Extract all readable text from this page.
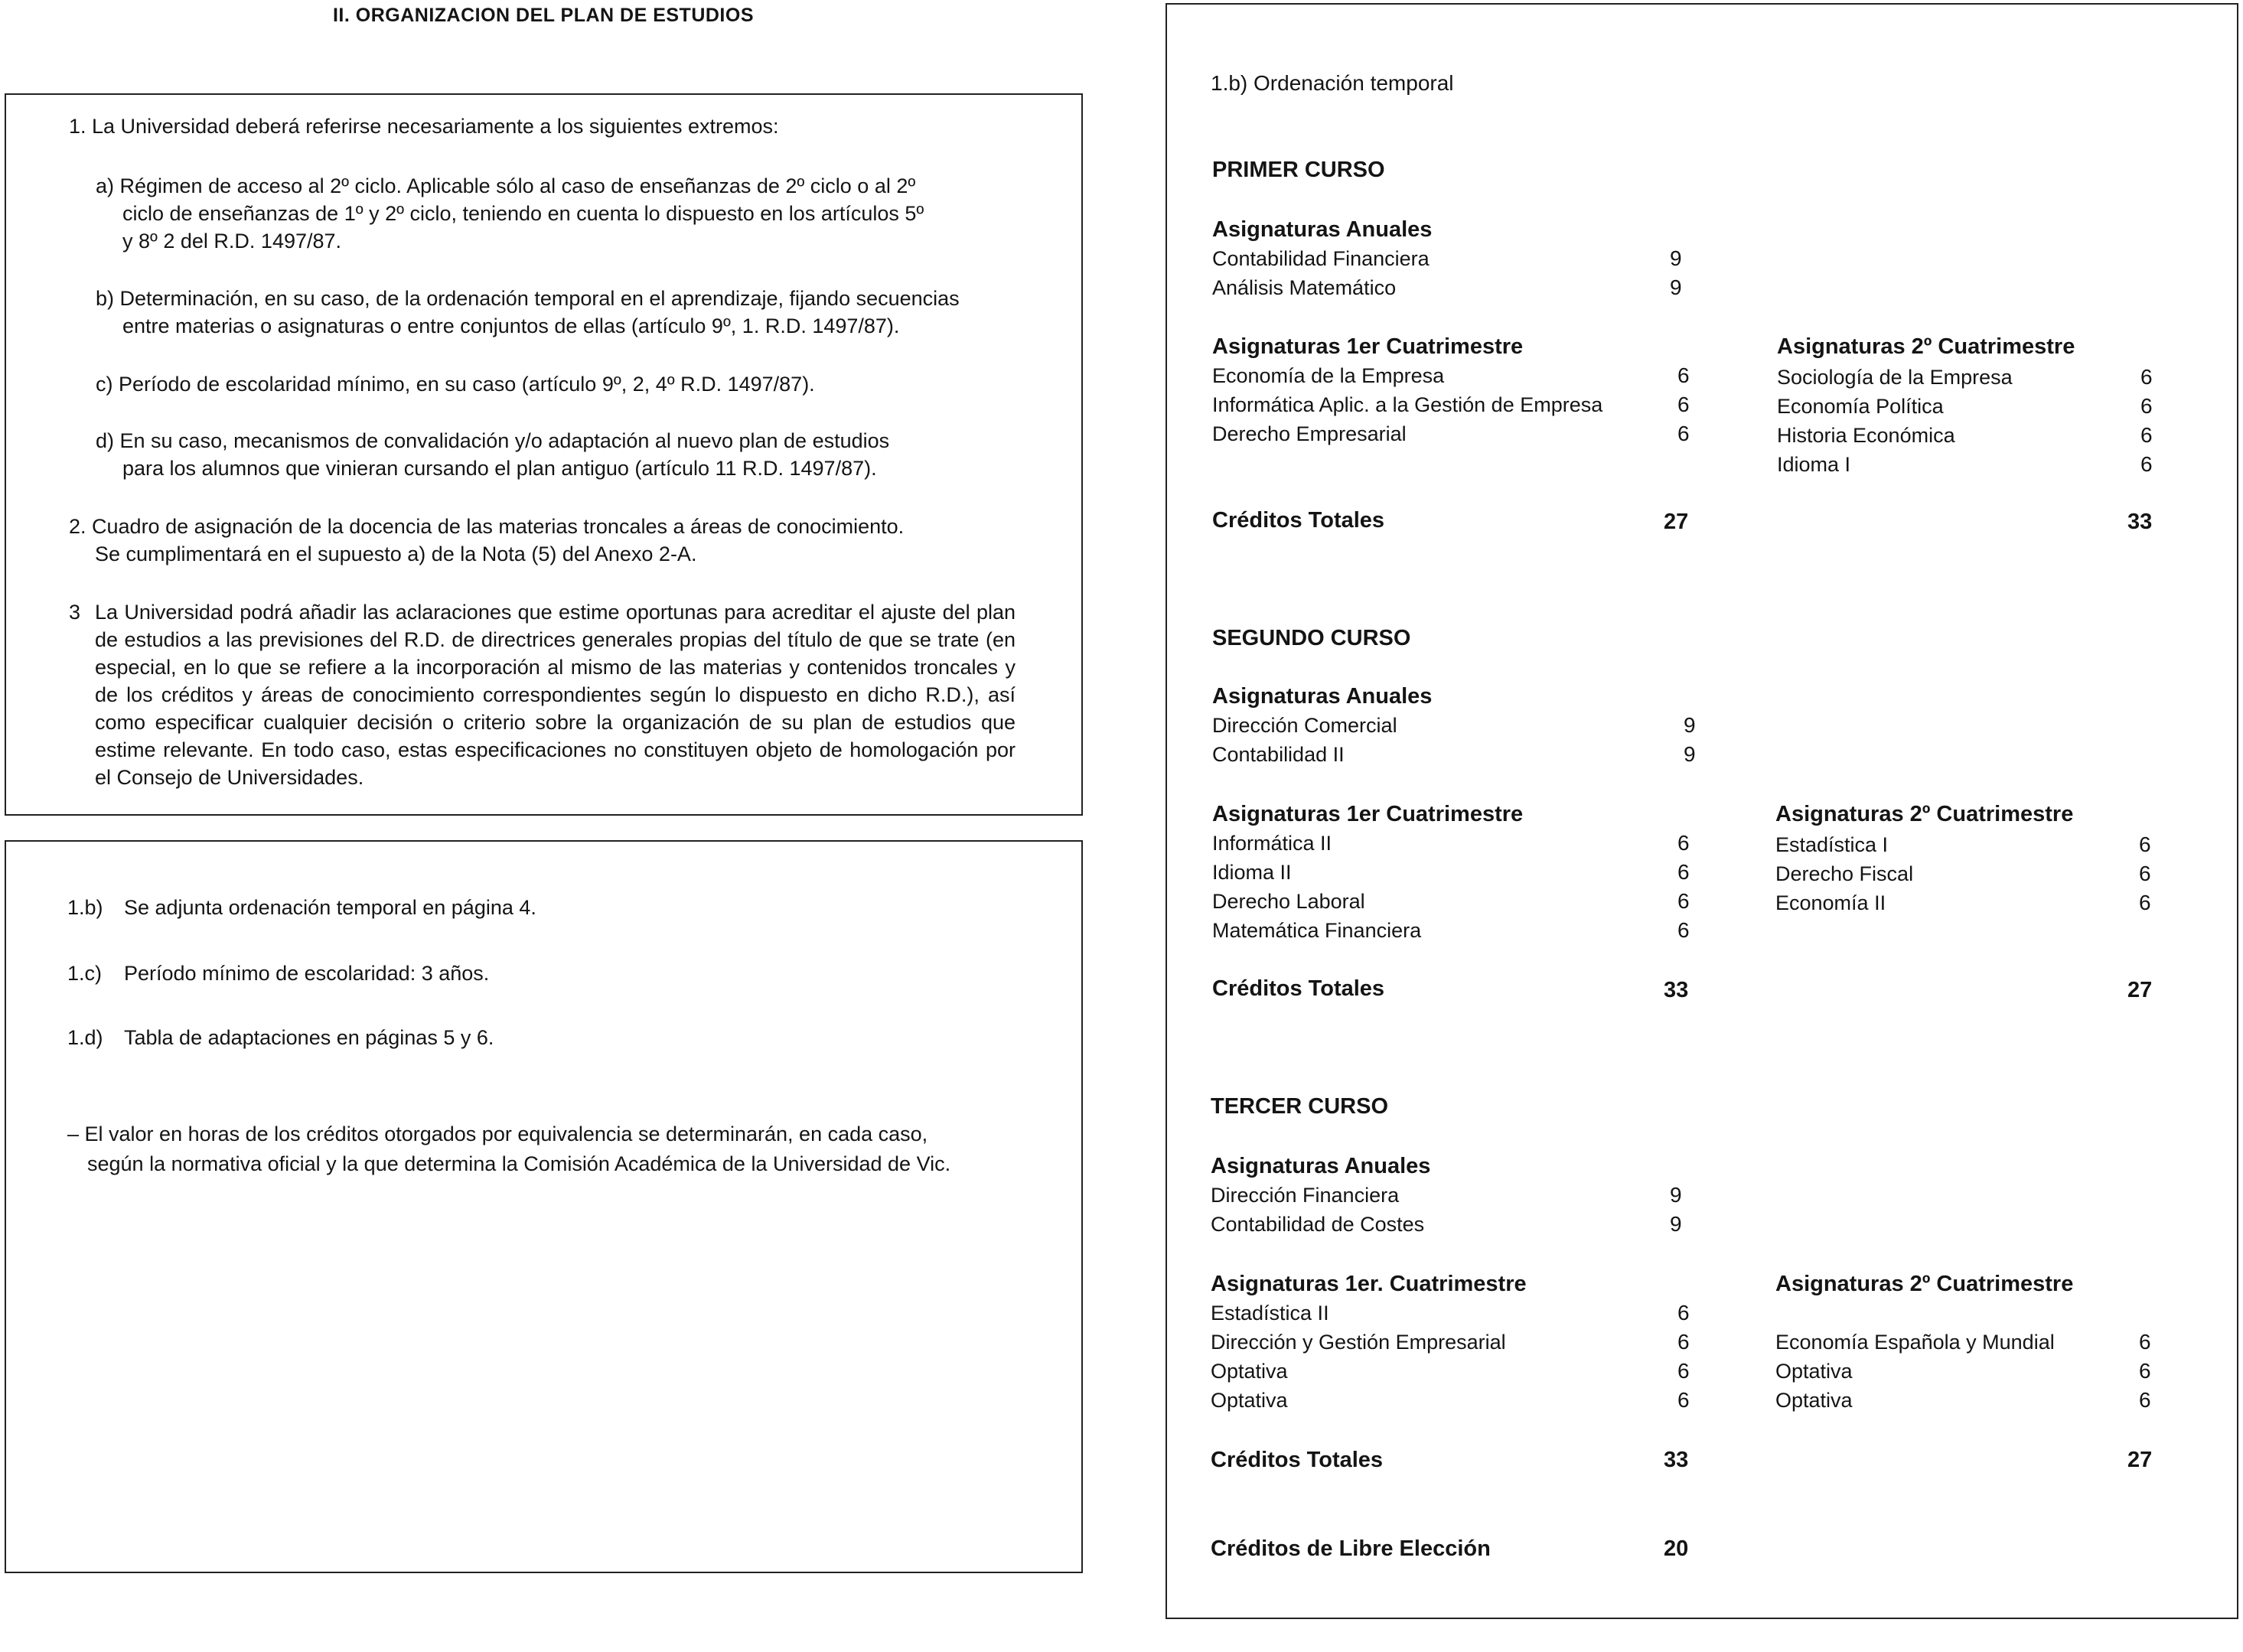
II. ORGANIZACION DEL PLAN DE ESTUDIOS
1. La Universidad deberá referirse necesariamente a los siguientes extremos:
a) Régimen de acceso al 2º ciclo. Aplicable sólo al caso de enseñanzas de 2º ciclo o al 2º
ciclo de enseñanzas de 1º y 2º ciclo, teniendo en cuenta lo dispuesto en los artículos 5º
y 8º 2 del R.D. 1497/87.
b) Determinación, en su caso, de la ordenación temporal en el aprendizaje, fijando secuencias
entre materias o asignaturas o entre conjuntos de ellas (artículo 9º, 1. R.D. 1497/87).
c) Período de escolaridad mínimo, en su caso (artículo 9º, 2, 4º R.D. 1497/87).
d) En su caso, mecanismos de convalidación y/o adaptación al nuevo plan de estudios
para los alumnos que vinieran cursando el plan antiguo (artículo 11 R.D. 1497/87).
2. Cuadro de asignación de la docencia de las materias troncales a áreas de conocimiento.
Se cumplimentará en el supuesto a) de la Nota (5) del Anexo 2-A.
3 La Universidad podrá añadir las aclaraciones que estime oportunas para acreditar el ajuste del plan de estudios a las previsiones del R.D. de directrices generales propias del título de que se trate (en especial, en lo que se refiere a la incorporación al mismo de las materias y contenidos troncales y de los créditos y áreas de conocimiento correspondientes según lo dispuesto en dicho R.D.), así como especificar cualquier decisión o criterio sobre la organización de su plan de estudios que estime relevante. En todo caso, estas especificaciones no constituyen objeto de homologación por el Consejo de Universidades.
1.b) Se adjunta ordenación temporal en página 4.
1.c) Período mínimo de escolaridad: 3 años.
1.d) Tabla de adaptaciones en páginas 5 y 6.
– El valor en horas de los créditos otorgados por equivalencia se determinarán, en cada caso,
según la normativa oficial y la que determina la Comisión Académica de la Universidad de Vic.
1.b) Ordenación temporal
PRIMER CURSO
Asignaturas Anuales
Contabilidad Financiera	9
Análisis Matemático	9
Asignaturas 1er Cuatrimestre
Economía de la Empresa	6
Informática Aplic. a la Gestión de Empresa	6
Derecho Empresarial	6
Asignaturas 2º Cuatrimestre
Sociología de la Empresa	6
Economía Política	6
Historia Económica	6
Idioma I	6
Créditos Totales	27	33
SEGUNDO CURSO
Asignaturas Anuales
Dirección Comercial	9
Contabilidad II	9
Asignaturas 1er Cuatrimestre
Informática II	6
Idioma II	6
Derecho Laboral	6
Matemática Financiera	6
Asignaturas 2º Cuatrimestre
Estadística I	6
Derecho Fiscal	6
Economía II	6
Créditos Totales	33	27
TERCER CURSO
Asignaturas Anuales
Dirección Financiera	9
Contabilidad de Costes	9
Asignaturas 1er. Cuatrimestre
Estadística II	6
Dirección y Gestión Empresarial	6
Optativa	6
Optativa	6
Asignaturas 2º Cuatrimestre
Economía Española y Mundial	6
Optativa	6
Optativa	6
Créditos Totales	33	27
Créditos de Libre Elección	20
